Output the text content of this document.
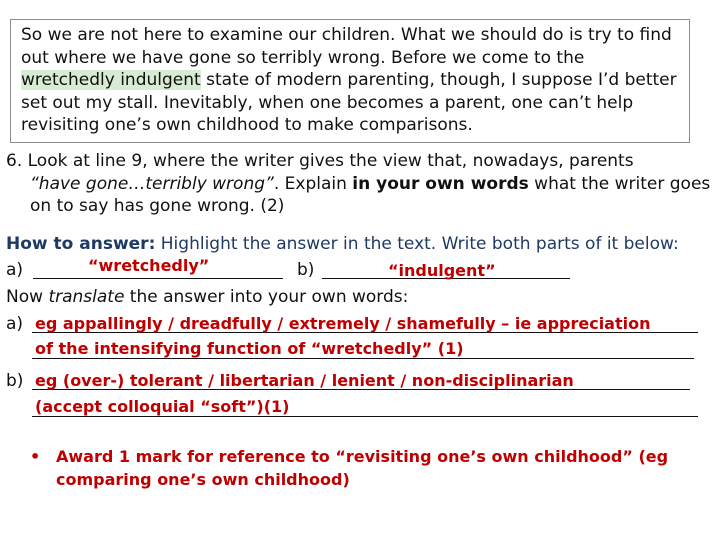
So we are not here to examine our children. What we should do is try to find out where we have gone so terribly wrong. Before we come to the wretchedly indulgent state of modern parenting, though, I suppose I’d better set out my stall. Inevitably, when one becomes a parent, one can’t help revisiting one’s own childhood to make comparisons.
6. Look at line 9, where the writer gives the view that, nowadays, parents
“have gone…terribly wrong”. Explain in your own words what the writer goes on to say has gone wrong. (2)
How to answer: Highlight the answer in the text. Write both parts of it below:
a)	“wretchedly”	b)	“indulgent”
Now translate the answer into your own words:
a) eg appallingly / dreadfully / extremely / shamefully – ie appreciation
of the intensifying function of “wretchedly” (1)
b) eg (over-) tolerant / libertarian / lenient / non-disciplinarian
(accept colloquial “soft”)(1)
• Award 1 mark for reference to “revisiting one’s own childhood” (eg comparing one’s own childhood)
